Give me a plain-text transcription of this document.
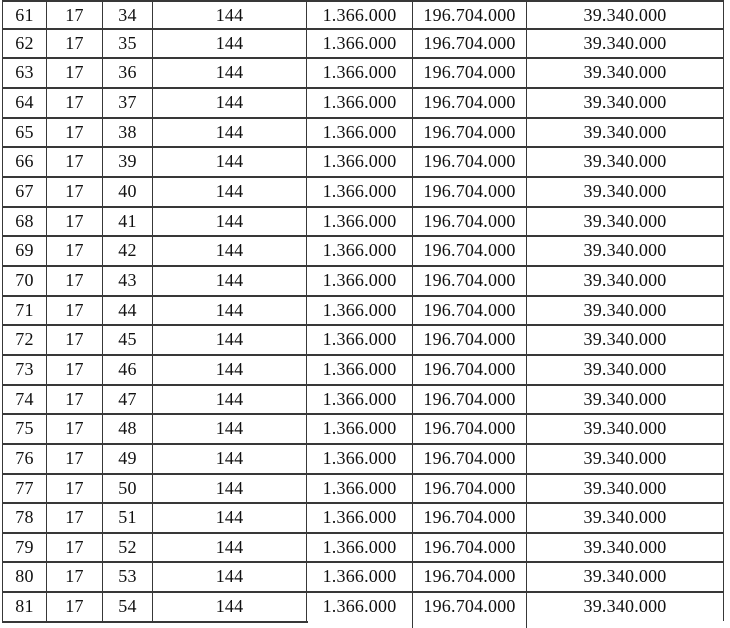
61	17	34	144	1.366.000	196.704.000	39.340.000
62	17	35	144	1.366.000	196.704.000	39.340.000
63	17	36	144	1.366.000	196.704.000	39.340.000
64	17	37	144	1.366.000	196.704.000	39.340.000
65	17	38	144	1.366.000	196.704.000	39.340.000
66	17	39	144	1.366.000	196.704.000	39.340.000
67	17	40	144	1.366.000	196.704.000	39.340.000
68	17	41	144	1.366.000	196.704.000	39.340.000
69	17	42	144	1.366.000	196.704.000	39.340.000
70	17	43	144	1.366.000	196.704.000	39.340.000
71	17	44	144	1.366.000	196.704.000	39.340.000
72	17	45	144	1.366.000	196.704.000	39.340.000
73	17	46	144	1.366.000	196.704.000	39.340.000
74	17	47	144	1.366.000	196.704.000	39.340.000
75	17	48	144	1.366.000	196.704.000	39.340.000
76	17	49	144	1.366.000	196.704.000	39.340.000
77	17	50	144	1.366.000	196.704.000	39.340.000
78	17	51	144	1.366.000	196.704.000	39.340.000
79	17	52	144	1.366.000	196.704.000	39.340.000
80	17	53	144	1.366.000	196.704.000	39.340.000
81	17	54	144	1.366.000	196.704.000	39.340.000
